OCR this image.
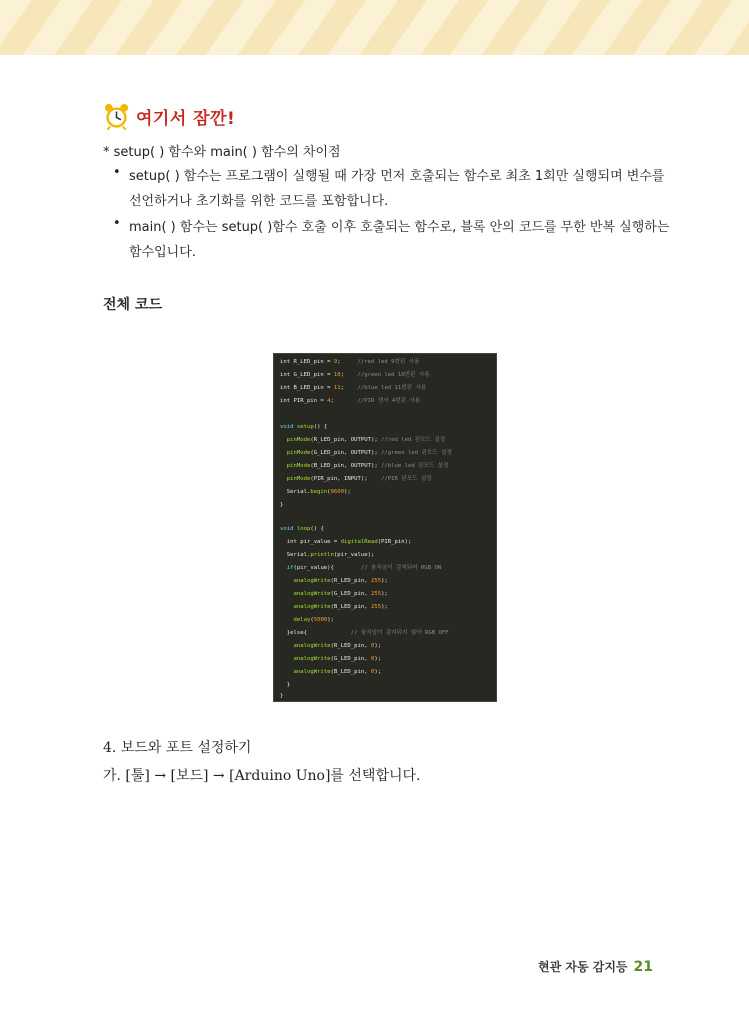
여기서 잠깐!
* setup( ) 함수와 main( ) 함수의 차이점
• setup( ) 함수는 프로그램이 실행될 때 가장 먼저 호출되는 함수로 최초 1회만 실행되며 변수를
선언하거나 초기화를 위한 코드를 포함합니다.
• main( ) 함수는 setup( )함수 호출 이후 호출되는 함수로, 블록 안의 코드를 무한 반복 실행하는
함수입니다.
전체 코드
int R_LED_pin = 9;	//red led 9번핀 사용
int G_LED_pin = 10; //green led 10번핀 사용
int B_LED_pin = 11; //blue led 11번핀 사용
int PIR_pin = 4;	//PIR 센서 4번핀 사용
void setup() {
pinMode(R_LED_pin, OUTPUT); //red led 핀모드 설정
pinMode(G_LED_pin, OUTPUT); //green led 핀모드 설정
pinMode(B_LED_pin, OUTPUT); //blue led 핀모드 설정
pinMode(PIR_pin, INPUT); //PIR 핀모드 설정
Serial.begin(9600);
}
void loop() {
int pir_value = digitalRead(PIR_pin);
Serial.println(pir_value);
if(pir_value){	// 움직임이 감지되어 RGB ON
analogWrite(R_LED_pin, 255);
analogWrite(G_LED_pin, 255);
analogWrite(B_LED_pin, 255);
delay(5000);
}else{	// 움직임이 감지되지 않아 RGB OFF
analogWrite(R_LED_pin, 0);
analogWrite(G_LED_pin, 0);
analogWrite(B_LED_pin, 0);
}
}
4. 보드와 포트 설정하기
가. [툴] → [보드] → [Arduino Uno]를 선택합니다.
현관 자동 감지등 21
